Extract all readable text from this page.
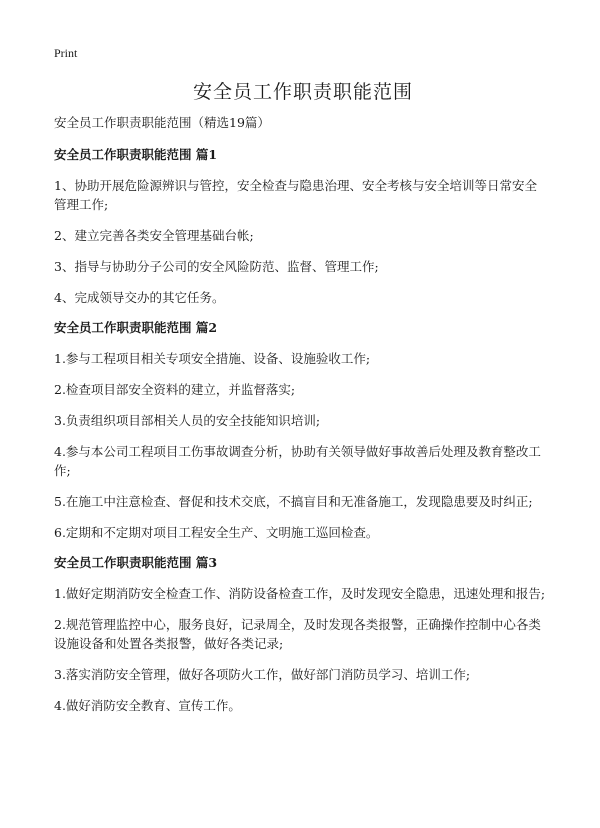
Print
安全员工作职责职能范围
安全员工作职责职能范围（精选19篇）
安全员工作职责职能范围 篇1
1、协助开展危险源辨识与管控，安全检查与隐患治理、安全考核与安全培训等日常安全管理工作;
2、建立完善各类安全管理基础台帐;
3、指导与协助分子公司的安全风险防范、监督、管理工作;
4、完成领导交办的其它任务。
安全员工作职责职能范围 篇2
1.参与工程项目相关专项安全措施、设备、设施验收工作;
2.检查项目部安全资料的建立，并监督落实;
3.负责组织项目部相关人员的安全技能知识培训;
4.参与本公司工程项目工伤事故调查分析，协助有关领导做好事故善后处理及教育整改工作;
5.在施工中注意检查、督促和技术交底，不搞盲目和无准备施工，发现隐患要及时纠正;
6.定期和不定期对项目工程安全生产、文明施工巡回检查。
安全员工作职责职能范围 篇3
1.做好定期消防安全检查工作、消防设备检查工作，及时发现安全隐患，迅速处理和报告;
2.规范管理监控中心，服务良好，记录周全，及时发现各类报警，正确操作控制中心各类设施设备和处置各类报警，做好各类记录;
3.落实消防安全管理，做好各项防火工作，做好部门消防员学习、培训工作;
4.做好消防安全教育、宣传工作。
